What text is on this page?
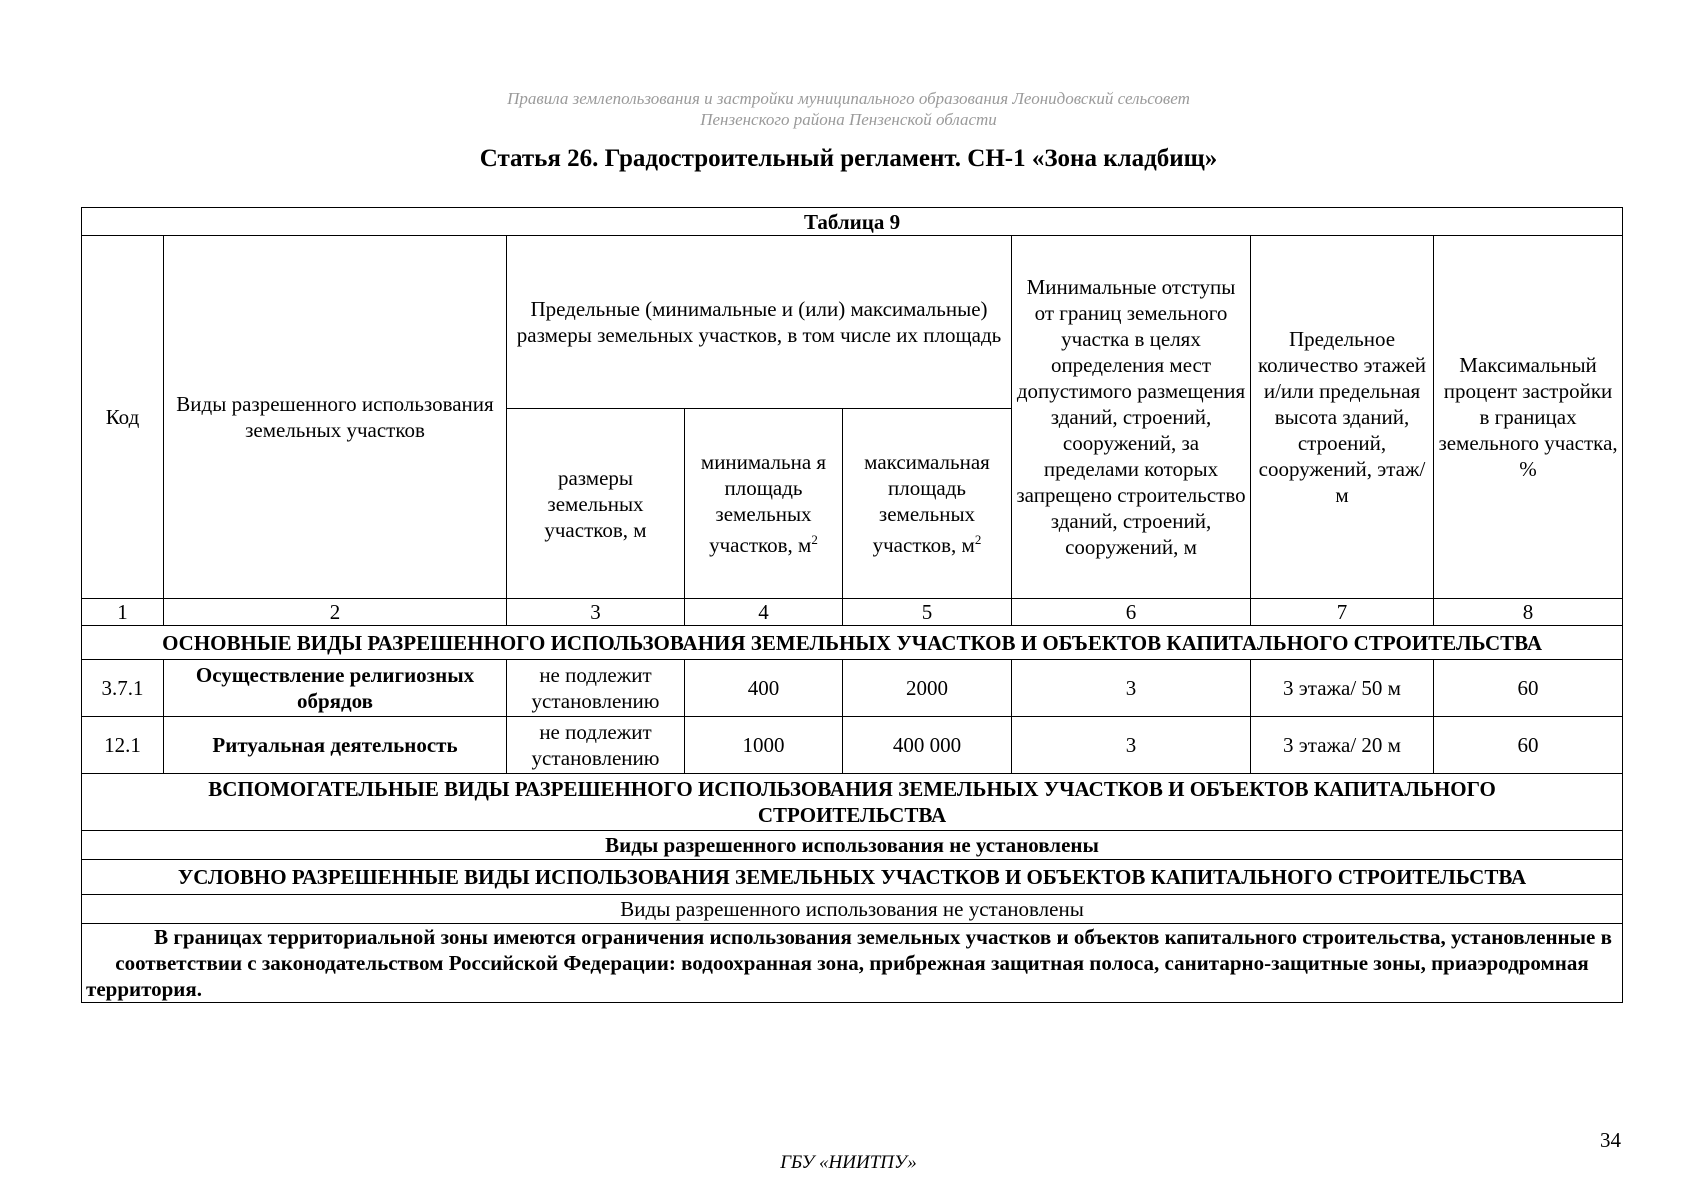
Правила землепользования и застройки муниципального образования Леонидовский сельсовет
Пензенского района Пензенской области
Статья 26. Градостроительный регламент. СН-1 «Зона кладбищ»
Таблица 9							
Код	Виды разрешенного использования земельных участков	Предельные (минимальные и (или) максимальные) размеры земельных участков, в том числе их площадь			Минимальные отступы от границ земельного участка в целях определения мест допустимого размещения зданий, строений, сооружений, за пределами которых запрещено строительство зданий, строений, сооружений, м	Предельное количество этажей и/или предельная высота зданий, строений, сооружений, этаж/м	Максимальный процент застройки в границах земельного участка, %
		размеры земельных участков, м	минимальна я площадь земельных участков, $м^2$	максимальная площадь земельных участков, $м^2$
1	2	3	4	5	6	7	8
ОСНОВНЫЕ ВИДЫ РАЗРЕШЕННОГО ИСПОЛЬЗОВАНИЯ ЗЕМЕЛЬНЫХ УЧАСТКОВ И ОБЪЕКТОВ КАПИТАЛЬНОГО СТРОИТЕЛЬСТВА							
3.7.1	Осуществление религиозных обрядов	не подлежит установлению	400	2000	3	3 этажа/ 50 м	60
12.1	Ритуальная деятельность	не подлежит установлению	1000	400 000	3	3 этажа/ 20 м	60
ВСПОМОГАТЕЛЬНЫЕ ВИДЫ РАЗРЕШЕННОГО ИСПОЛЬЗОВАНИЯ ЗЕМЕЛЬНЫХ УЧАСТКОВ И ОБЪЕКТОВ КАПИТАЛЬНОГО СТРОИТЕЛЬСТВА							
Виды разрешенного использования не установлены							
УСЛОВНО РАЗРЕШЕННЫЕ ВИДЫ ИСПОЛЬЗОВАНИЯ ЗЕМЕЛЬНЫХ УЧАСТКОВ И ОБЪЕКТОВ КАПИТАЛЬНОГО СТРОИТЕЛЬСТВА							
Виды разрешенного использования не установлены							
В границах территориальной зоны имеются ограничения использования земельных участков и объектов капитального строительства, установленные в соответствии с законодательством Российской Федерации: водоохранная зона, прибрежная защитная полоса, санитарно-защитные зоны, приаэродромная территория.							
34
ГБУ «НИИТПУ»
